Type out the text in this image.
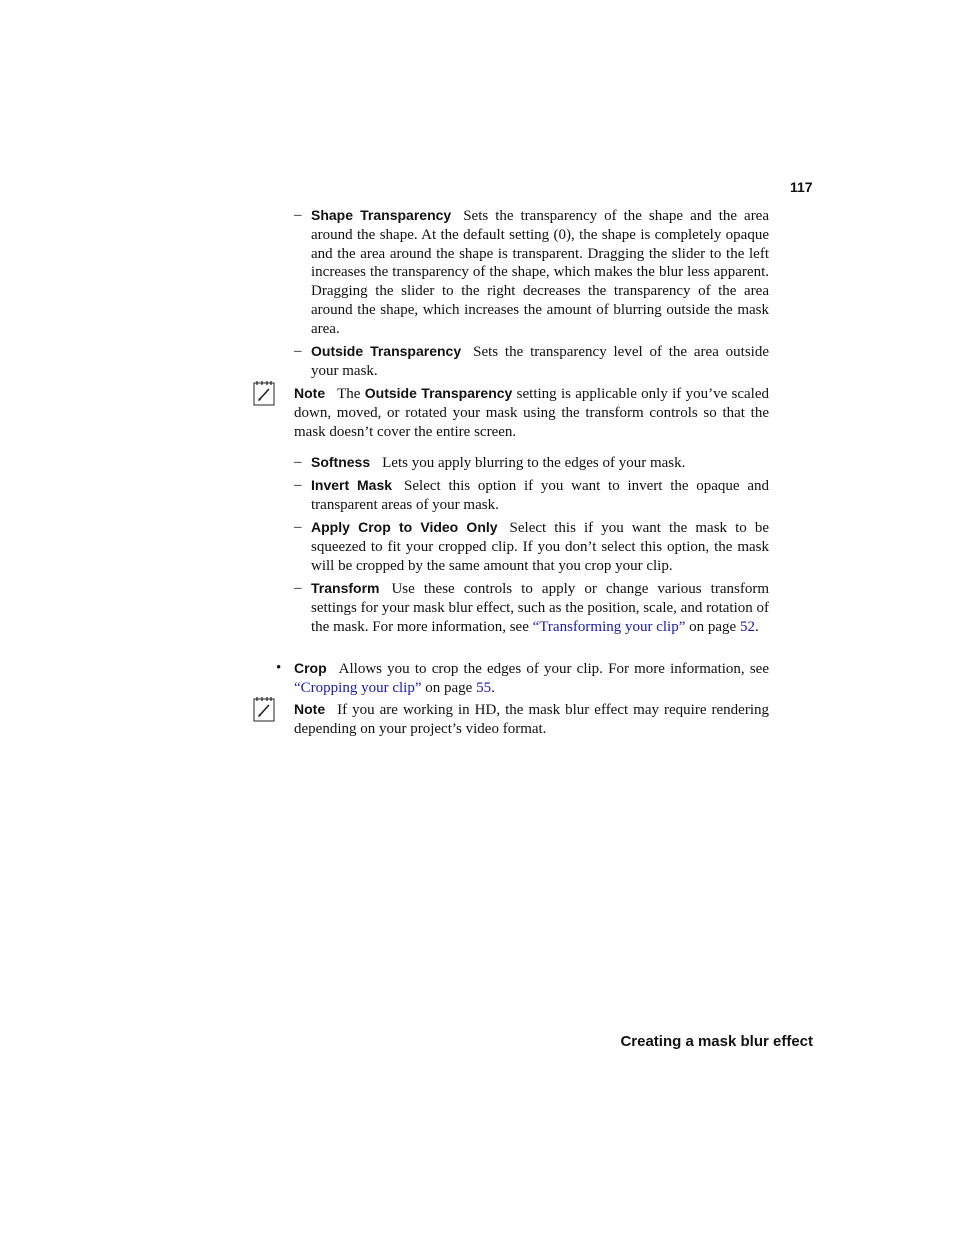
117
– Shape Transparency Sets the transparency of the shape and the area around the shape. At the default setting (0), the shape is completely opaque and the area around the shape is transparent. Dragging the slider to the left increases the transparency of the shape, which makes the blur less apparent. Dragging the slider to the right decreases the transparency of the area around the shape, which increases the amount of blurring outside the mask area.

– Outside Transparency Sets the transparency level of the area outside your mask.

Note The Outside Transparency setting is applicable only if you’ve scaled down, moved, or rotated your mask using the transform controls so that the mask doesn’t cover the entire screen.

– Softness Lets you apply blurring to the edges of your mask.

– Invert Mask Select this option if you want to invert the opaque and transparent areas of your mask.

– Apply Crop to Video Only Select this if you want the mask to be squeezed to fit your cropped clip. If you don’t select this option, the mask will be cropped by the same amount that you crop your clip.

– Transform Use these controls to apply or change various transform settings for your mask blur effect, such as the position, scale, and rotation of the mask. For more information, see “Transforming your clip” on page 52.

• Crop Allows you to crop the edges of your clip. For more information, see “Cropping your clip” on page 55.

Note If you are working in HD, the mask blur effect may require rendering depending on your project’s video format.

Creating a mask blur effect
